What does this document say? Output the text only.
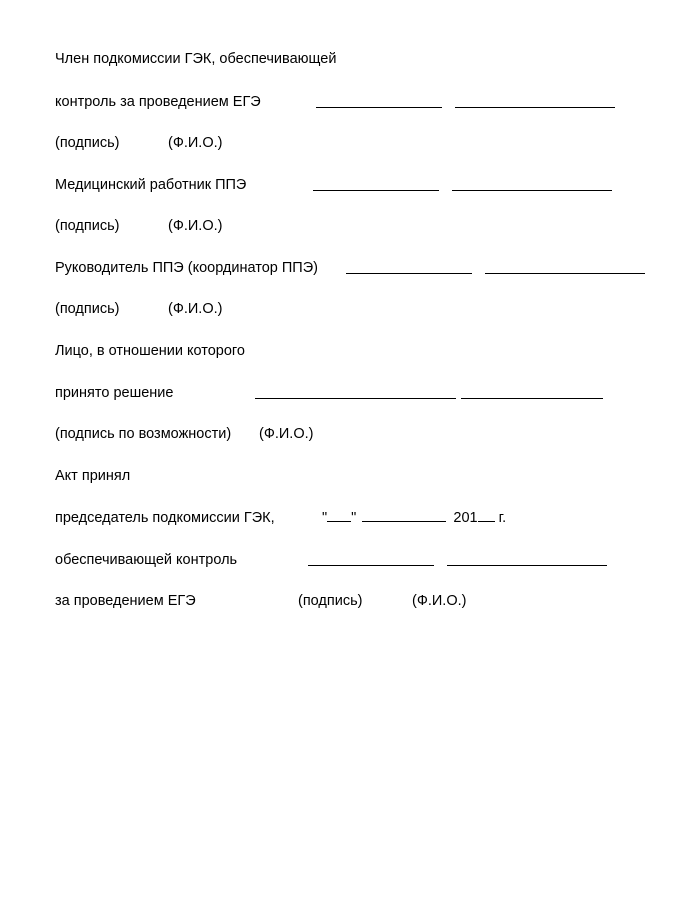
Член подкомиссии ГЭК, обеспечивающей
контроль за проведением ЕГЭ
(подпись)	(Ф.И.О.)
Медицинский работник ППЭ
(подпись)	(Ф.И.О.)
Руководитель ППЭ (координатор ППЭ)
(подпись)	(Ф.И.О.)
Лицо, в отношении которого
принято решение
(подпись по возможности) (Ф.И.О.)
Акт принял
председатель подкомиссии ГЭК,	" "	201 г.
обеспечивающей контроль
за проведением ЕГЭ	(подпись)	(Ф.И.О.)
